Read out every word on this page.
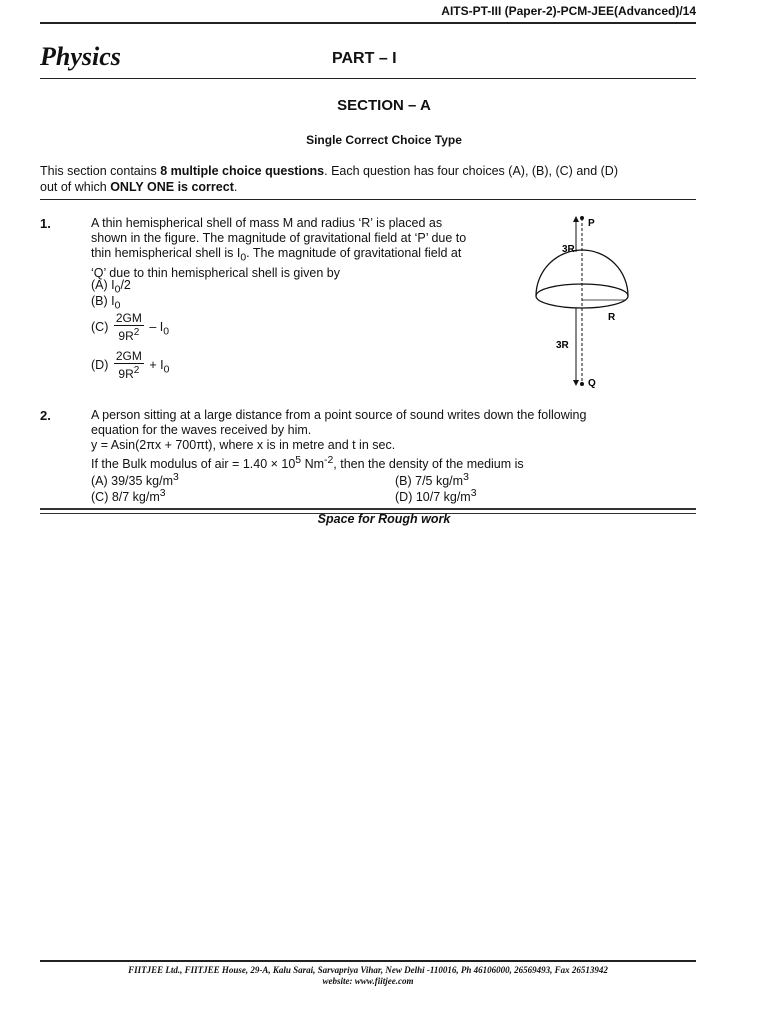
AITS-PT-III (Paper-2)-PCM-JEE(Advanced)/14
Physics	PART – I
SECTION – A
Single Correct Choice Type
This section contains 8 multiple choice questions. Each question has four choices (A), (B), (C) and (D)
out of which ONLY ONE is correct.
1.	A thin hemispherical shell of mass M and radius ‘R’ is placed as
shown in the figure. The magnitude of gravitational field at ‘P’ due to
thin hemispherical shell is $I_0$. The magnitude of gravitational field at
‘Q’ due to thin hemispherical shell is given by
(A) $I_0/2$
(B) $I_0$
$(C) \frac{2GM}{9R^2} - I_0$
$(D) \frac{2GM}{9R^2} + I_0$
P
3R
R
3R
Q
2.	A person sitting at a large distance from a point source of sound writes down the following
equation for the waves received by him.
y = Asin(2πx + 700πt), where x is in metre and t in sec.
If the Bulk modulus of air = $1.40 \times 10^5$ $Nm^{-2}$, then the density of the medium is
(A) 39/35 $kg/m^3$	(B) 7/5 $kg/m^3$
(C) 8/7 $kg/m^3$	(D) 10/7 $kg/m^3$
Space for Rough work
FIITJEE Ltd., FIITJEE House, 29-A, Kalu Sarai, Sarvapriya Vihar, New Delhi -110016, Ph 46106000, 26569493, Fax 26513942
website: www.fiitjee.com
